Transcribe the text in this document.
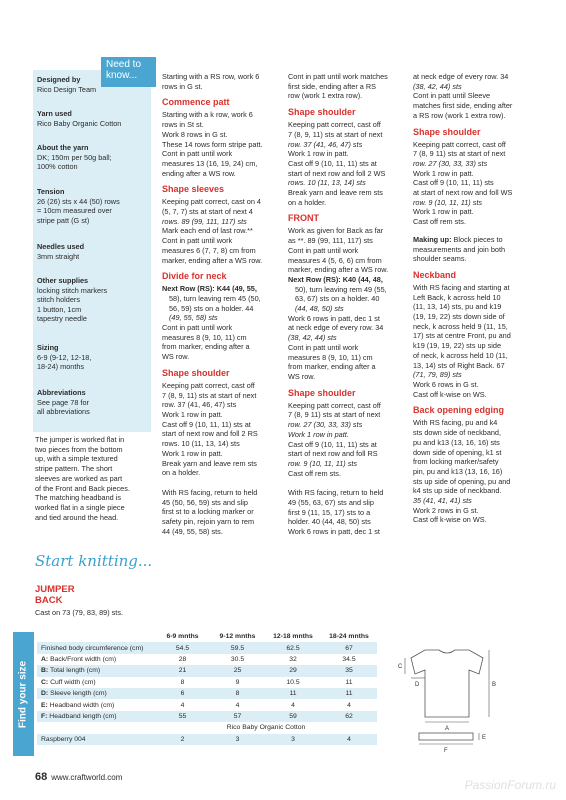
Designed by
Rico Design Team
Yarn used
Rico Baby Organic Cotton
About the yarn
DK; 150m per 50g ball;
100% cotton
Tension
26 (26) sts x 44 (50) rows
= 10cm measured over
stripe patt (G st)
Needles used
3mm straight
Other supplies
locking stitch markers
stitch holders
1 button, 1cm
tapestry needle
Sizing
6-9 (9-12, 12-18,
18-24) months
Abbreviations
See page 78 for
all abbreviations
Need to
know...

The jumper is worked flat in

two pieces from the bottom

up, with a simple textured

stripe pattern. The short

sleeves are worked as part

of the Front and Back pieces.

The matching headband is

worked flat in a single piece

and tied around the head.

Start knitting...
JUMPER
BACK
Cast on 73 (79, 83, 89) sts.

Starting with a RS row, work 6

rows in G st.

Commence patt

Starting with a k row, work 6

rows in St st.

Work 8 rows in G st.

These 14 rows form stripe patt.

Cont in patt until work

measures 13 (16, 19, 24) cm,

ending after a WS row.

Shape sleeves

Keeping patt correct, cast on 4

(5, 7, 7) sts at start of next 4

rows. 89 (99, 111, 117) sts

Mark each end of last row.**

Cont in patt until work

measures 6 (7, 7, 8) cm from

marker, ending after a WS row.

Divide for neck

Next Row (RS): K44 (49, 55,

58), turn leaving rem 45 (50,

56, 59) sts on a holder. 44

(49, 55, 58) sts

Cont in patt until work

measures 8 (9, 10, 11) cm

from marker, ending after a

WS row.

Shape shoulder

Keeping patt correct, cast off

7 (8, 9, 11) sts at start of next

row. 37 (41, 46, 47) sts

Work 1 row in patt.

Cast off 9 (10, 11, 11) sts at

start of next row and foll 2 RS

rows. 10 (11, 13, 14) sts

Work 1 row in patt.

Break yarn and leave rem sts

on a holder.

With RS facing, return to held

45 (50, 56, 59) sts and slip

first st to a locking marker or

safety pin, rejoin yarn to rem

44 (49, 55, 58) sts.

Cont in patt until work matches

first side, ending after a RS

row (work 1 extra row).

Shape shoulder

Keeping patt correct, cast off

7 (8, 9, 11) sts at start of next

row. 37 (41, 46, 47) sts

Work 1 row in patt.

Cast off 9 (10, 11, 11) sts at

start of next row and foll 2 WS

rows. 10 (11, 13, 14) sts

Break yarn and leave rem sts

on a holder.

FRONT

Work as given for Back as far

as **. 89 (99, 111, 117) sts

Cont in patt until work

measures 4 (5, 6, 6) cm from

marker, ending after a WS row.

Next Row (RS): K40 (44, 48,

50), turn leaving rem 49 (55,

63, 67) sts on a holder. 40

(44, 48, 50) sts

Work 6 rows in patt, dec 1 st

at neck edge of every row. 34

(38, 42, 44) sts

Cont in patt until work

measures 8 (9, 10, 11) cm

from marker, ending after a

WS row.

Shape shoulder

Keeping patt correct, cast off

7 (8, 9 11) sts at start of next

row. 27 (30, 33, 33) sts

Work 1 row in patt.

Cast off 9 (10, 11, 11) sts at

start of next row and foll RS

row. 9 (10, 11, 11) sts

Cast off rem sts.

With RS facing, return to held

49 (55, 63, 67) sts and slip

first 9 (11, 15, 17) sts to a

holder. 40 (44, 48, 50) sts

Work 6 rows in patt, dec 1 st

at neck edge of every row. 34

(38, 42, 44) sts

Cont in patt until Sleeve

matches first side, ending after

a RS row (work 1 extra row).

Shape shoulder

Keeping patt correct, cast off

7 (8, 9 11) sts at start of next

row. 27 (30, 33, 33) sts

Work 1 row in patt.

Cast off 9 (10, 11, 11) sts

at start of next row and foll WS

row. 9 (10, 11, 11) sts

Work 1 row in patt.

Cast off rem sts.

Making up: Block pieces to

measurements and join both

shoulder seams.

Neckband

With RS facing and starting at

Left Back, k across held 10

(11, 13, 14) sts, pu and k19

(19, 19, 22) sts down side of

neck, k across held 9 (11, 15,

17) sts at centre Front, pu and

k19 (19, 19, 22) sts up side

of neck, k across held 10 (11,

13, 14) sts of Right Back. 67

(71, 79, 89) sts

Work 6 rows in G st.

Cast off k-wise on WS.

Back opening edging

With RS facing, pu and k4

sts down side of neckband,

pu and k13 (13, 16, 16) sts

down side of opening, k1 st

from locking marker/safety

pin, pu and k13 (13, 16, 16)

sts up side of opening, pu and

k4 sts up side of neckband.

35 (41, 41, 41) sts

Work 2 rows in G st.

Cast off k-wise on WS.

Find your size
	6-9 mnths	9-12 mnths	12-18 mnths	18-24 mnths
Finished body circumference (cm)	54.5	59.5	62.5	67
A: Back/Front width (cm)	28	30.5	32	34.5
B: Total length (cm)	21	25	29	35
C: Cuff width (cm)	8	9	10.5	11
D: Sleeve length (cm)	6	8	11	11
E: Headband width (cm)	4	4	4	4
F: Headband length (cm)	55	57	59	62
	Rico Baby Organic Cotton			
Raspberry 004	2	3	3	4
A
B
C
D
E
F
68 www.craftworld.com
PassionForum.ru
